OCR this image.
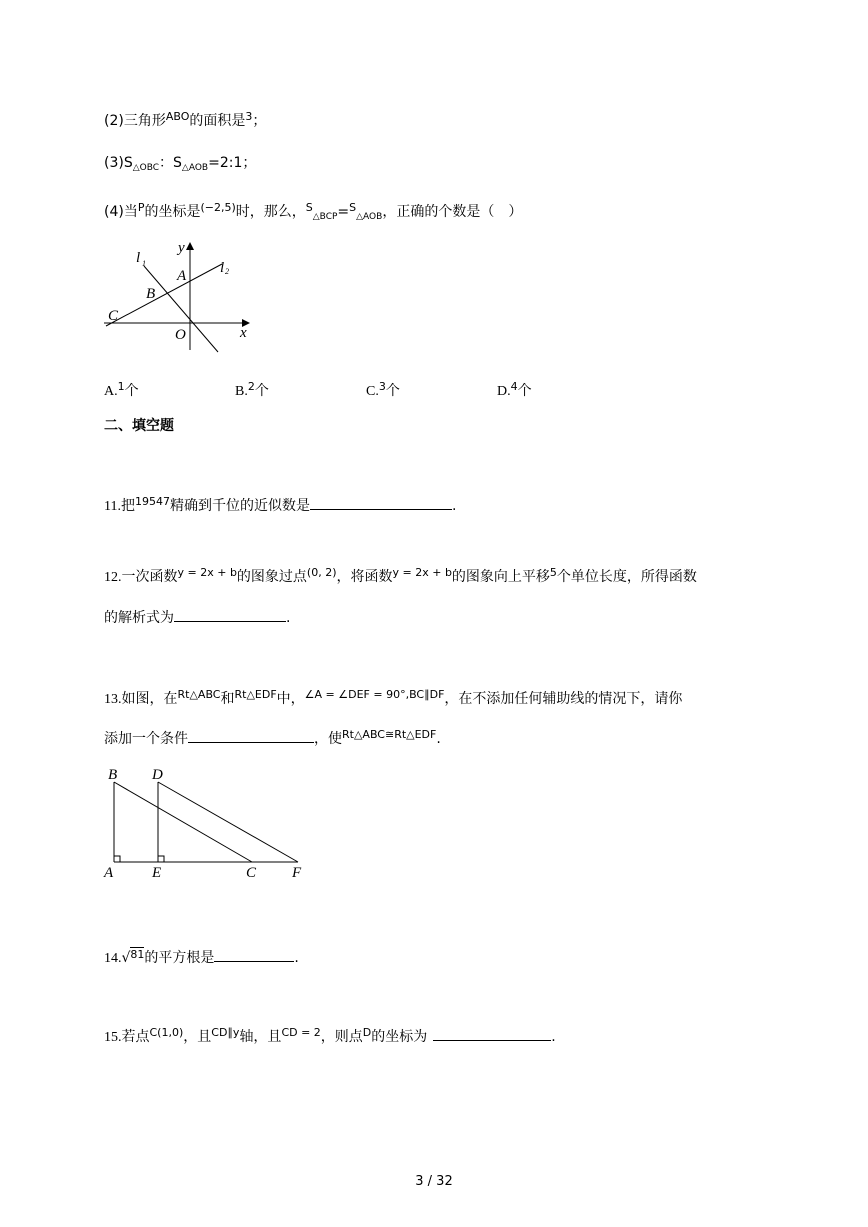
(2)三角形$^{ABO}$的面积是$^3$；
$(3)S_{\triangle OBC}$：$S_{\triangle AOB}=2:1$；
(4)当$^P$的坐标是$^{(-2,5)}$时，那么，$^S_{\triangle BCP}$=$^S_{\triangle AOB}$，正确的个数是（　）
y
x
l 1	l 2
A
B
C
O
A.$^1$个	B.$^2$个	C.$^3$个	D.$^4$个
二、填空题
11.把$^{19547}$精确到千位的近似数是	.
12.一次函数$^{y = 2x + b}$的图象过点$^{(0, 2)}$，将函数$^{y = 2x + b}$的图象向上平移$^5$个单位长度，所得函数
的解析式为	.
13.如图，在$^{Rt\triangle ABC}$和$^{Rt\triangle EDF}$中，$^{\angle A = \angle DEF = 90^\circ,BC\parallel DF}$，在不添加任何辅助线的情况下，请你
添加一个条件	，使$^{Rt\triangle ABC≅Rt\triangle EDF}$.
B D
A	E	C F
14.√$^{81}$的平方根是	.
15.若点$^{C(1,0)}$，且$^{CD\parallel y}$轴，且$^{CD = 2}$，则点$^D$的坐标为	.
3 / 32
